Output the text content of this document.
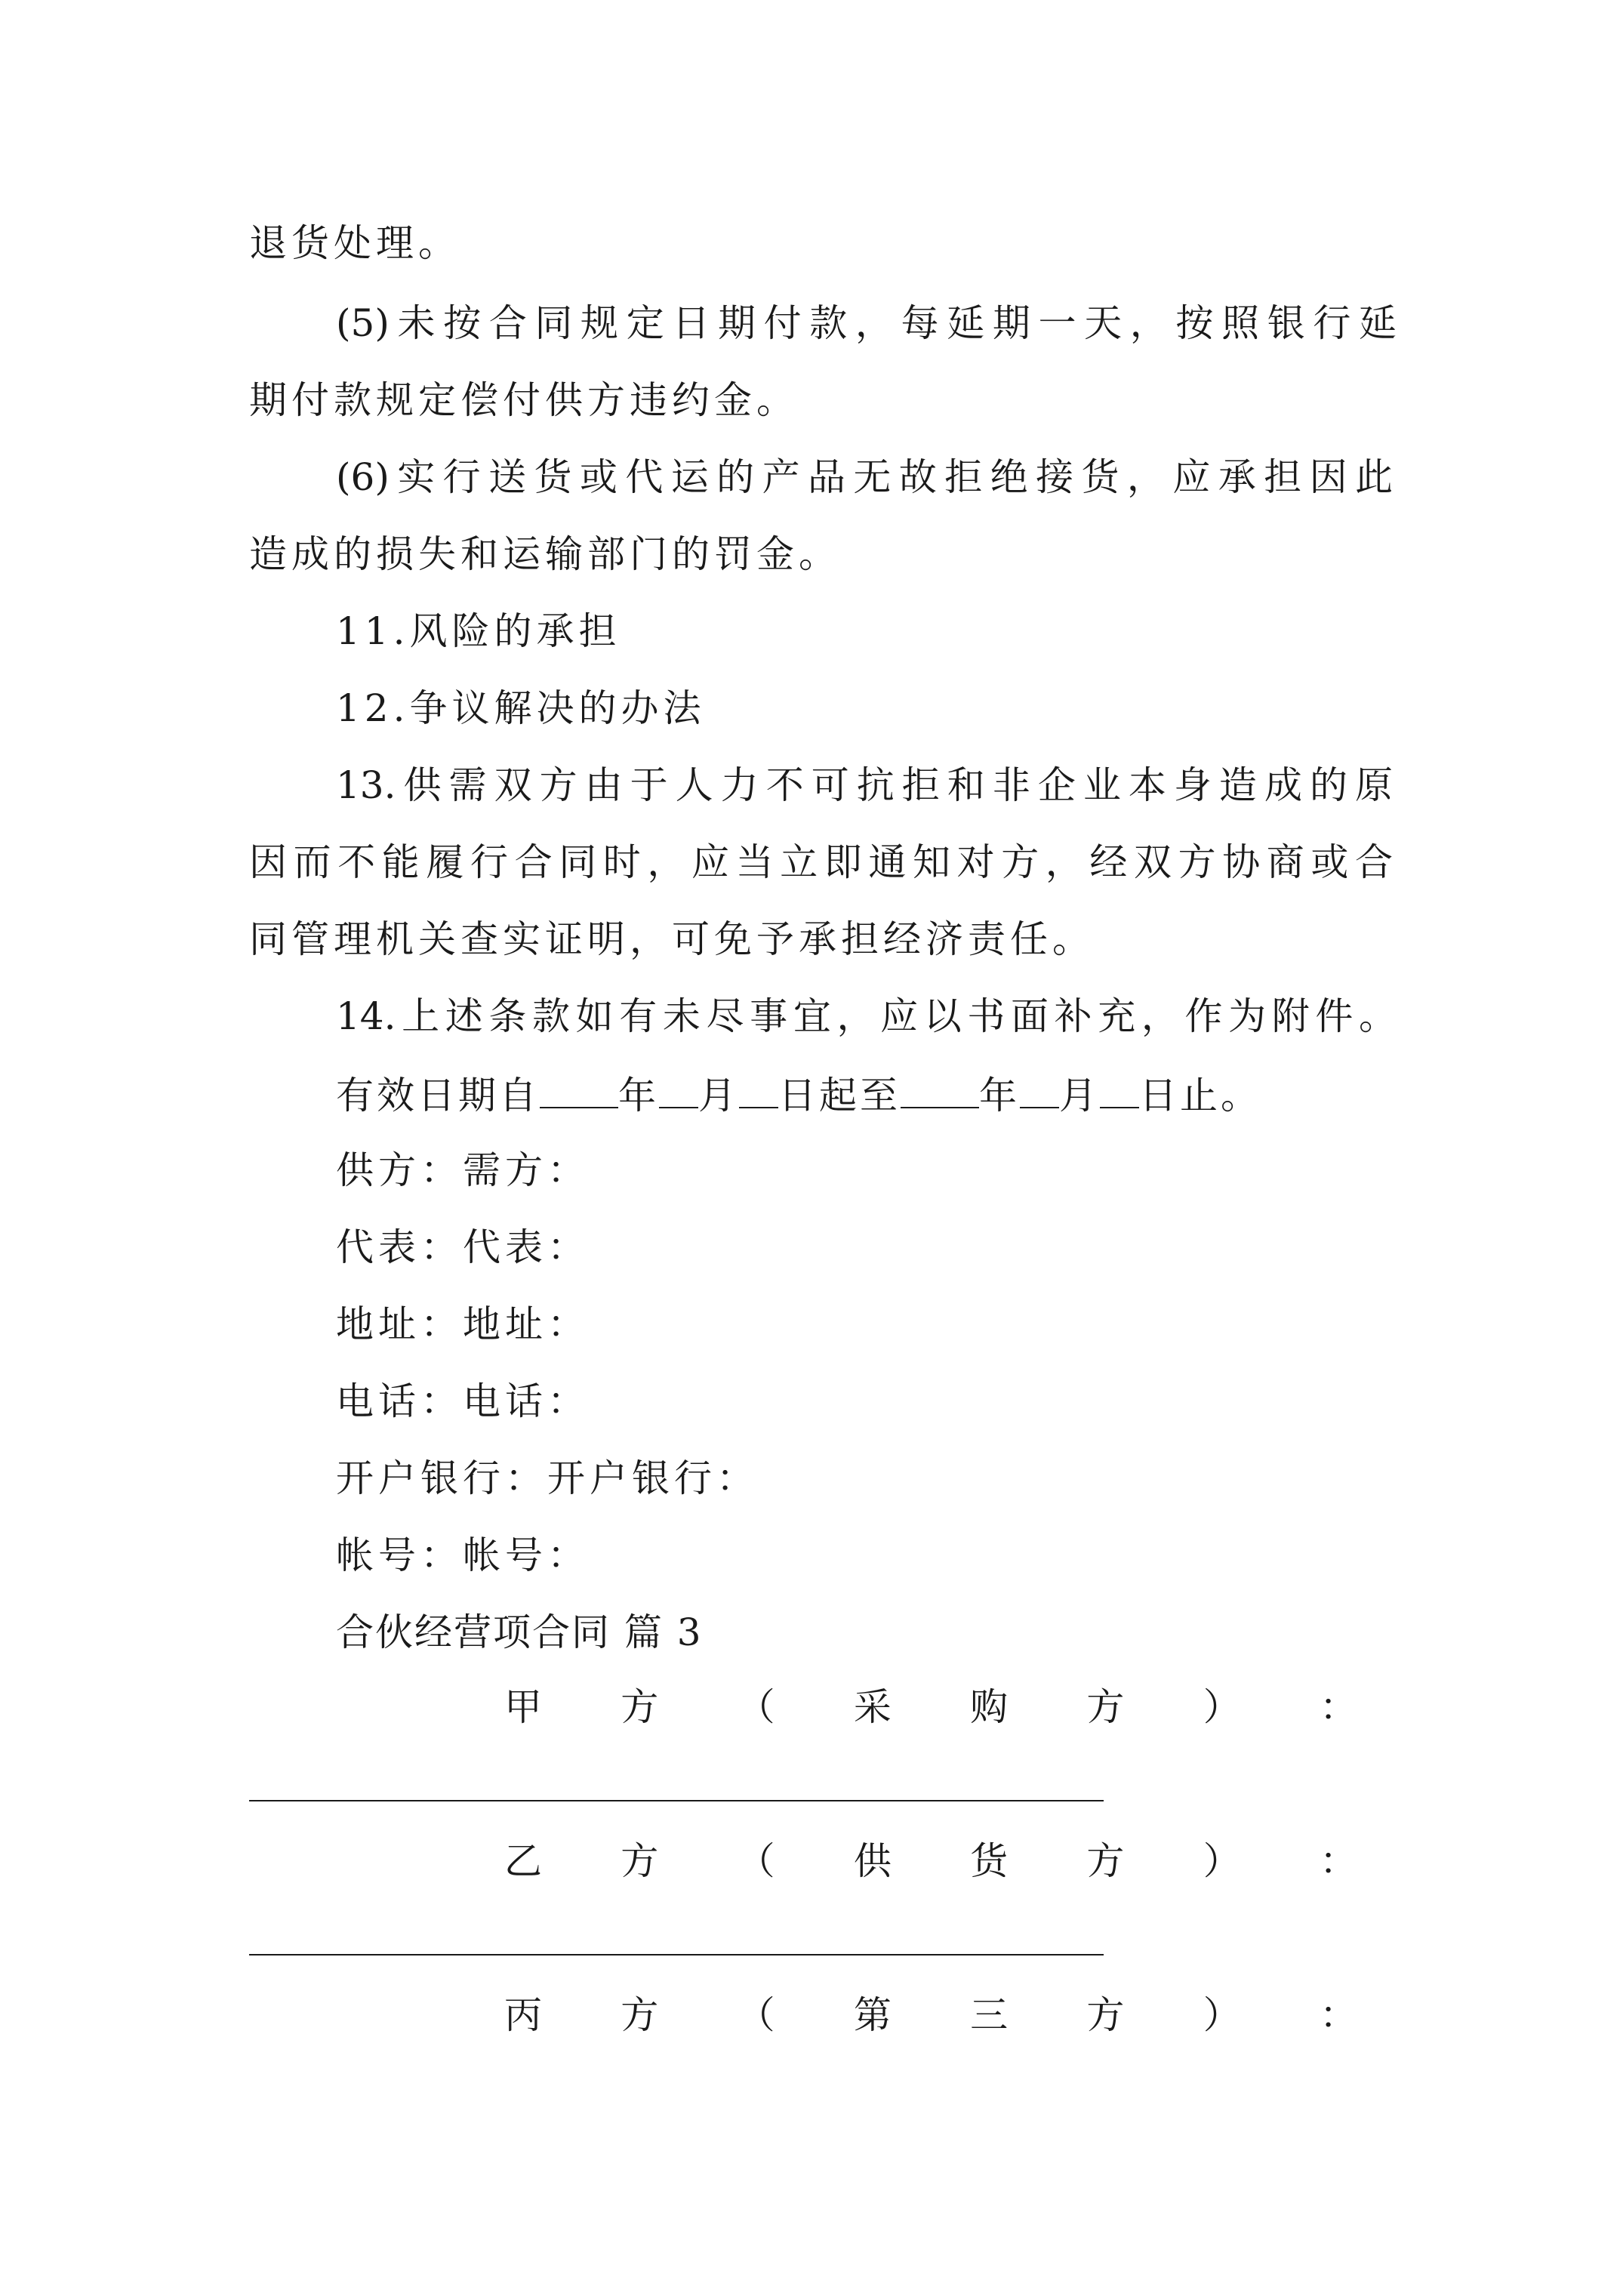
退货处理。
(5)未按合同规定日期付款，每延期一天，按照银行延
期付款规定偿付供方违约金。
(6)实行送货或代运的产品无故拒绝接货，应承担因此
造成的损失和运输部门的罚金。
11.风险的承担
12.争议解决的办法
13.供需双方由于人力不可抗拒和非企业本身造成的原
因而不能履行合同时，应当立即通知对方，经双方协商或合
同管理机关查实证明，可免予承担经济责任。
14.上述条款如有未尽事宜，应以书面补充，作为附件。
有效日期自 年 月 日起至 年 月 日止。
供方：需方：
代表：代表：
地址：地址：
电话：电话：
开户银行：开户银行：
帐号：帐号：
合伙经营项合同 篇 3
甲 方 （ 采 购 方 ） ：
乙 方 （ 供 货 方 ） ：
丙 方 （ 第 三 方 ） ：
